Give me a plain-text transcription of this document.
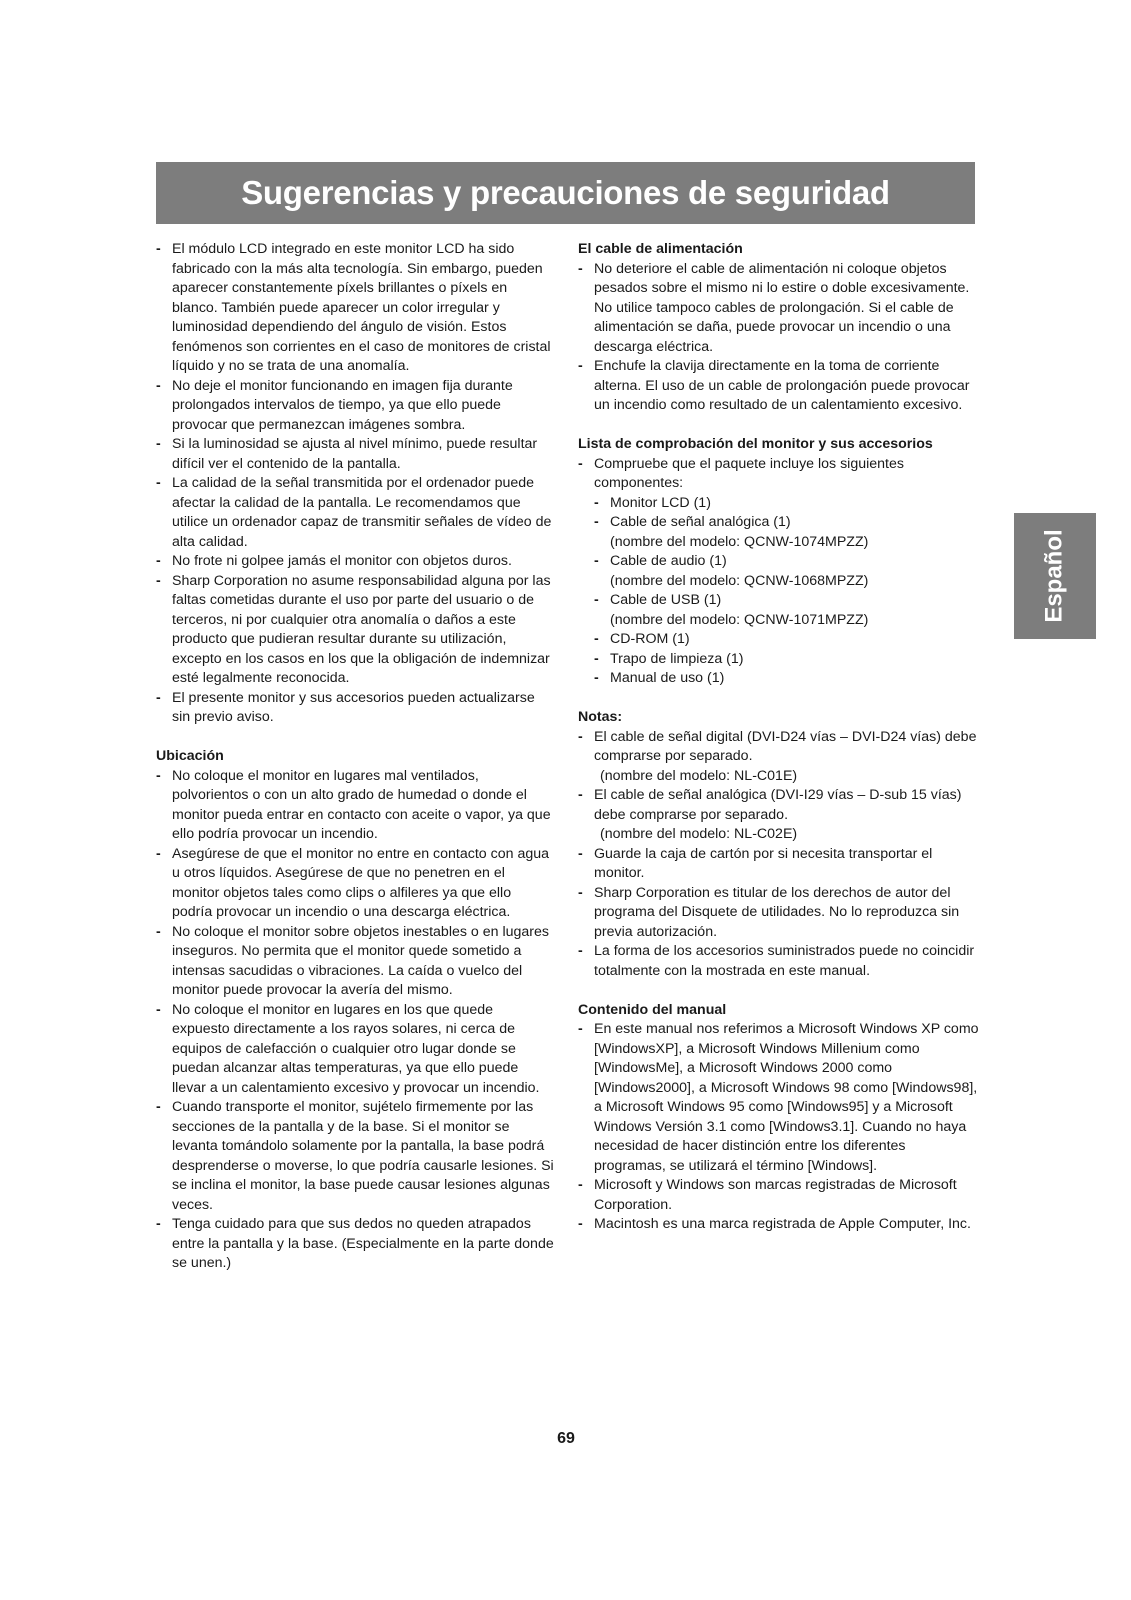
Sugerencias y precauciones de seguridad
Español
- El módulo LCD integrado en este monitor LCD ha sido fabricado con la más alta tecnología. Sin embargo, pueden aparecer constantemente píxels brillantes o píxels en blanco. También puede aparecer un color irregular y luminosidad dependiendo del ángulo de visión. Estos fenómenos son corrientes en el caso de monitores de cristal líquido y no se trata de una anomalía.
- No deje el monitor funcionando en imagen fija durante prolongados intervalos de tiempo, ya que ello puede provocar que permanezcan imágenes sombra.
- Si la luminosidad se ajusta al nivel mínimo, puede resultar difícil ver el contenido de la pantalla.
- La calidad de la señal transmitida por el ordenador puede afectar la calidad de la pantalla. Le recomendamos que utilice un ordenador capaz de transmitir señales de vídeo de alta calidad.
- No frote ni golpee jamás el monitor con objetos duros.
- Sharp Corporation no asume responsabilidad alguna por las faltas cometidas durante el uso por parte del usuario o de terceros, ni por cualquier otra anomalía o daños a este producto que pudieran resultar durante su utilización, excepto en los casos en los que la obligación de indemnizar esté legalmente reconocida.
- El presente monitor y sus accesorios pueden actualizarse sin previo aviso.

Ubicación

- No coloque el monitor en lugares mal ventilados, polvorientos o con un alto grado de humedad o donde el monitor pueda entrar en contacto con aceite o vapor, ya que ello podría provocar un incendio.
- Asegúrese de que el monitor no entre en contacto con agua u otros líquidos. Asegúrese de que no penetren en el monitor objetos tales como clips o alfileres ya que ello podría provocar un incendio o una descarga eléctrica.
- No coloque el monitor sobre objetos inestables o en lugares inseguros. No permita que el monitor quede sometido a intensas sacudidas o vibraciones. La caída o vuelco del monitor puede provocar la avería del mismo.
- No coloque el monitor en lugares en los que quede expuesto directamente a los rayos solares, ni cerca de equipos de calefacción o cualquier otro lugar donde se puedan alcanzar altas temperaturas, ya que ello puede llevar a un calentamiento excesivo y provocar un incendio.
- Cuando transporte el monitor, sujételo firmemente por las secciones de la pantalla y de la base. Si el monitor se levanta tomándolo solamente por la pantalla, la base podrá desprenderse o moverse, lo que podría causarle lesiones. Si se inclina el monitor, la base puede causar lesiones algunas veces.
- Tenga cuidado para que sus dedos no queden atrapados entre la pantalla y la base. (Especialmente en la parte donde se unen.)

El cable de alimentación

- No deteriore el cable de alimentación ni coloque objetos pesados sobre el mismo ni lo estire o doble excesivamente. No utilice tampoco cables de prolongación. Si el cable de alimentación se daña, puede provocar un incendio o una descarga eléctrica.
- Enchufe la clavija directamente en la toma de corriente alterna. El uso de un cable de prolongación puede provocar un incendio como resultado de un calentamiento excesivo.

Lista de comprobación del monitor y sus accesorios

- Compruebe que el paquete incluye los siguientes componentes:
- Monitor LCD (1)
- Cable de señal analógica (1)
(nombre del modelo: QCNW-1074MPZZ)
- Cable de audio (1)
(nombre del modelo: QCNW-1068MPZZ)
- Cable de USB (1)
(nombre del modelo: QCNW-1071MPZZ)
- CD-ROM (1)
- Trapo de limpieza (1)
- Manual de uso (1)

Notas:

- El cable de señal digital (DVI-D24 vías – DVI-D24 vías) debe comprarse por separado.
(nombre del modelo: NL-C01E)
- El cable de señal analógica (DVI-I29 vías – D-sub 15 vías) debe comprarse por separado.
(nombre del modelo: NL-C02E)
- Guarde la caja de cartón por si necesita transportar el monitor.
- Sharp Corporation es titular de los derechos de autor del programa del Disquete de utilidades. No lo reproduzca sin previa autorización.
- La forma de los accesorios suministrados puede no coincidir totalmente con la mostrada en este manual.

Contenido del manual

- En este manual nos referimos a Microsoft Windows XP como [WindowsXP], a Microsoft Windows Millenium como [WindowsMe], a Microsoft Windows 2000 como [Windows2000], a Microsoft Windows 98 como [Windows98], a Microsoft Windows 95 como [Windows95] y a Microsoft Windows Versión 3.1 como [Windows3.1]. Cuando no haya necesidad de hacer distinción entre los diferentes programas, se utilizará el término [Windows].
- Microsoft y Windows son marcas registradas de Microsoft Corporation.
- Macintosh es una marca registrada de Apple Computer, Inc.
69
